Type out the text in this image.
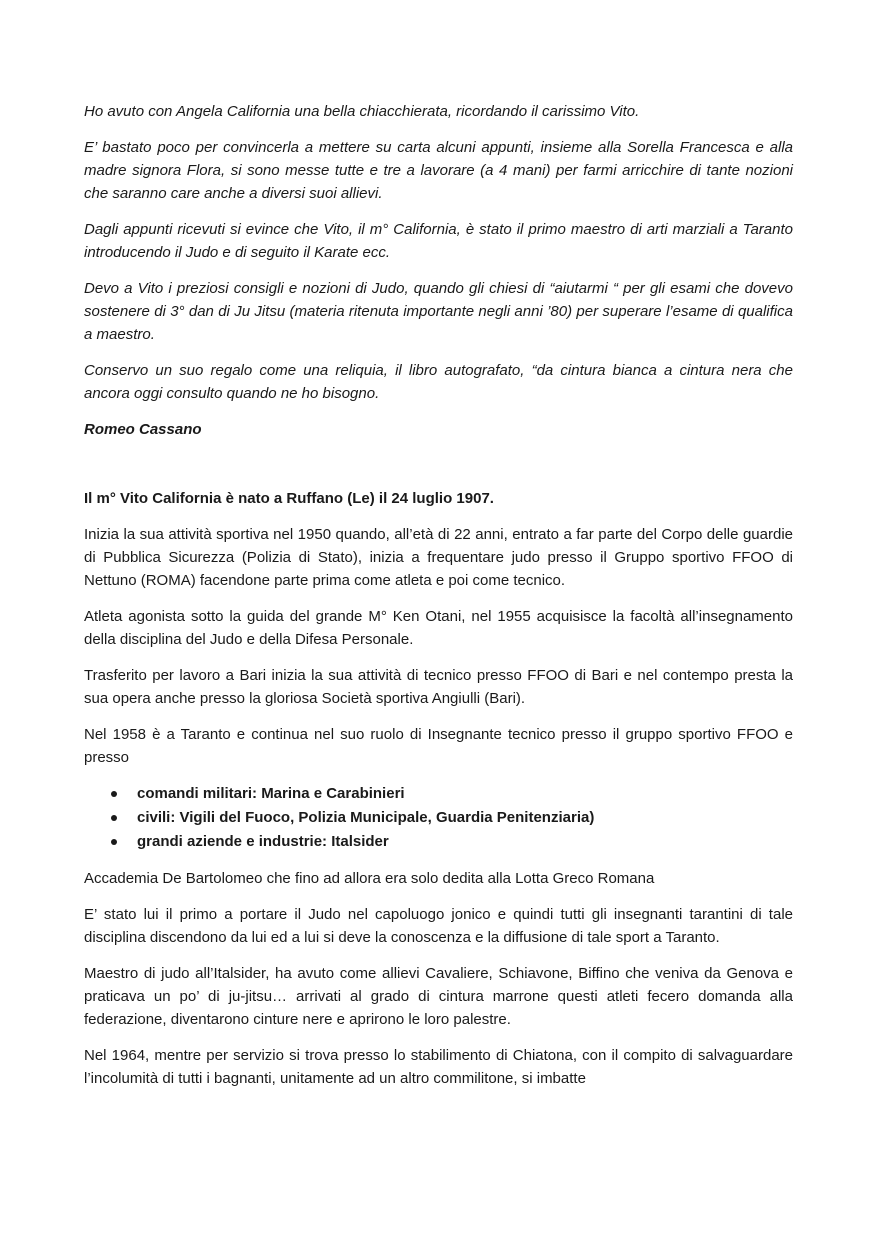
Ho avuto con Angela California una bella chiacchierata, ricordando il carissimo Vito.

E’ bastato poco per convincerla a mettere su carta alcuni appunti, insieme alla Sorella Francesca e alla madre signora Flora, si sono messe tutte e tre a lavorare (a 4 mani) per farmi arricchire di tante nozioni che saranno care anche a diversi suoi allievi.

Dagli appunti ricevuti si evince che Vito, il m° California, è stato il primo maestro di arti marziali a Taranto introducendo il Judo e di seguito il Karate ecc.

Devo a Vito i preziosi consigli e nozioni di Judo, quando gli chiesi di “aiutarmi “ per gli esami che dovevo sostenere di 3° dan di Ju Jitsu (materia ritenuta importante negli anni ’80) per superare l’esame di qualifica a maestro.

Conservo un suo regalo come una reliquia, il libro autografato, “da cintura bianca a cintura nera che ancora oggi consulto quando ne ho bisogno.

Romeo Cassano

Il m° Vito California è nato a Ruffano (Le) il 24 luglio 1907.

Inizia la sua attività sportiva nel 1950 quando, all’età di 22 anni, entrato a far parte del Corpo delle guardie di Pubblica Sicurezza (Polizia di Stato), inizia a frequentare judo presso il Gruppo sportivo FFOO di Nettuno (ROMA) facendone parte prima come atleta e poi come tecnico.

Atleta agonista sotto la guida del grande M° Ken Otani, nel 1955 acquisisce la facoltà all’insegnamento della disciplina del Judo e della Difesa Personale.

Trasferito per lavoro a Bari inizia la sua attività di tecnico presso FFOO di Bari e nel contempo presta la sua opera anche presso la gloriosa Società sportiva Angiulli (Bari).

Nel 1958 è a Taranto e continua nel suo ruolo di Insegnante tecnico presso il gruppo sportivo FFOO e presso

comandi militari: Marina e Carabinieri
civili: Vigili del Fuoco, Polizia Municipale, Guardia Penitenziaria)
grandi aziende e industrie: Italsider

Accademia De Bartolomeo che fino ad allora era solo dedita alla Lotta Greco Romana

E’ stato lui il primo a portare il Judo nel capoluogo jonico e quindi tutti gli insegnanti tarantini di tale disciplina discendono da lui ed a lui si deve la conoscenza e la diffusione di tale sport a Taranto.

Maestro di judo all’Italsider, ha avuto come allievi Cavaliere, Schiavone, Biffino che veniva da Genova e praticava un po’ di ju-jitsu… arrivati al grado di cintura marrone questi atleti fecero domanda alla federazione, diventarono cinture nere e aprirono le loro palestre.

Nel 1964, mentre per servizio si trova presso lo stabilimento di Chiatona, con il compito di salvaguardare l’incolumità di tutti i bagnanti, unitamente ad un altro commilitone, si imbatte
